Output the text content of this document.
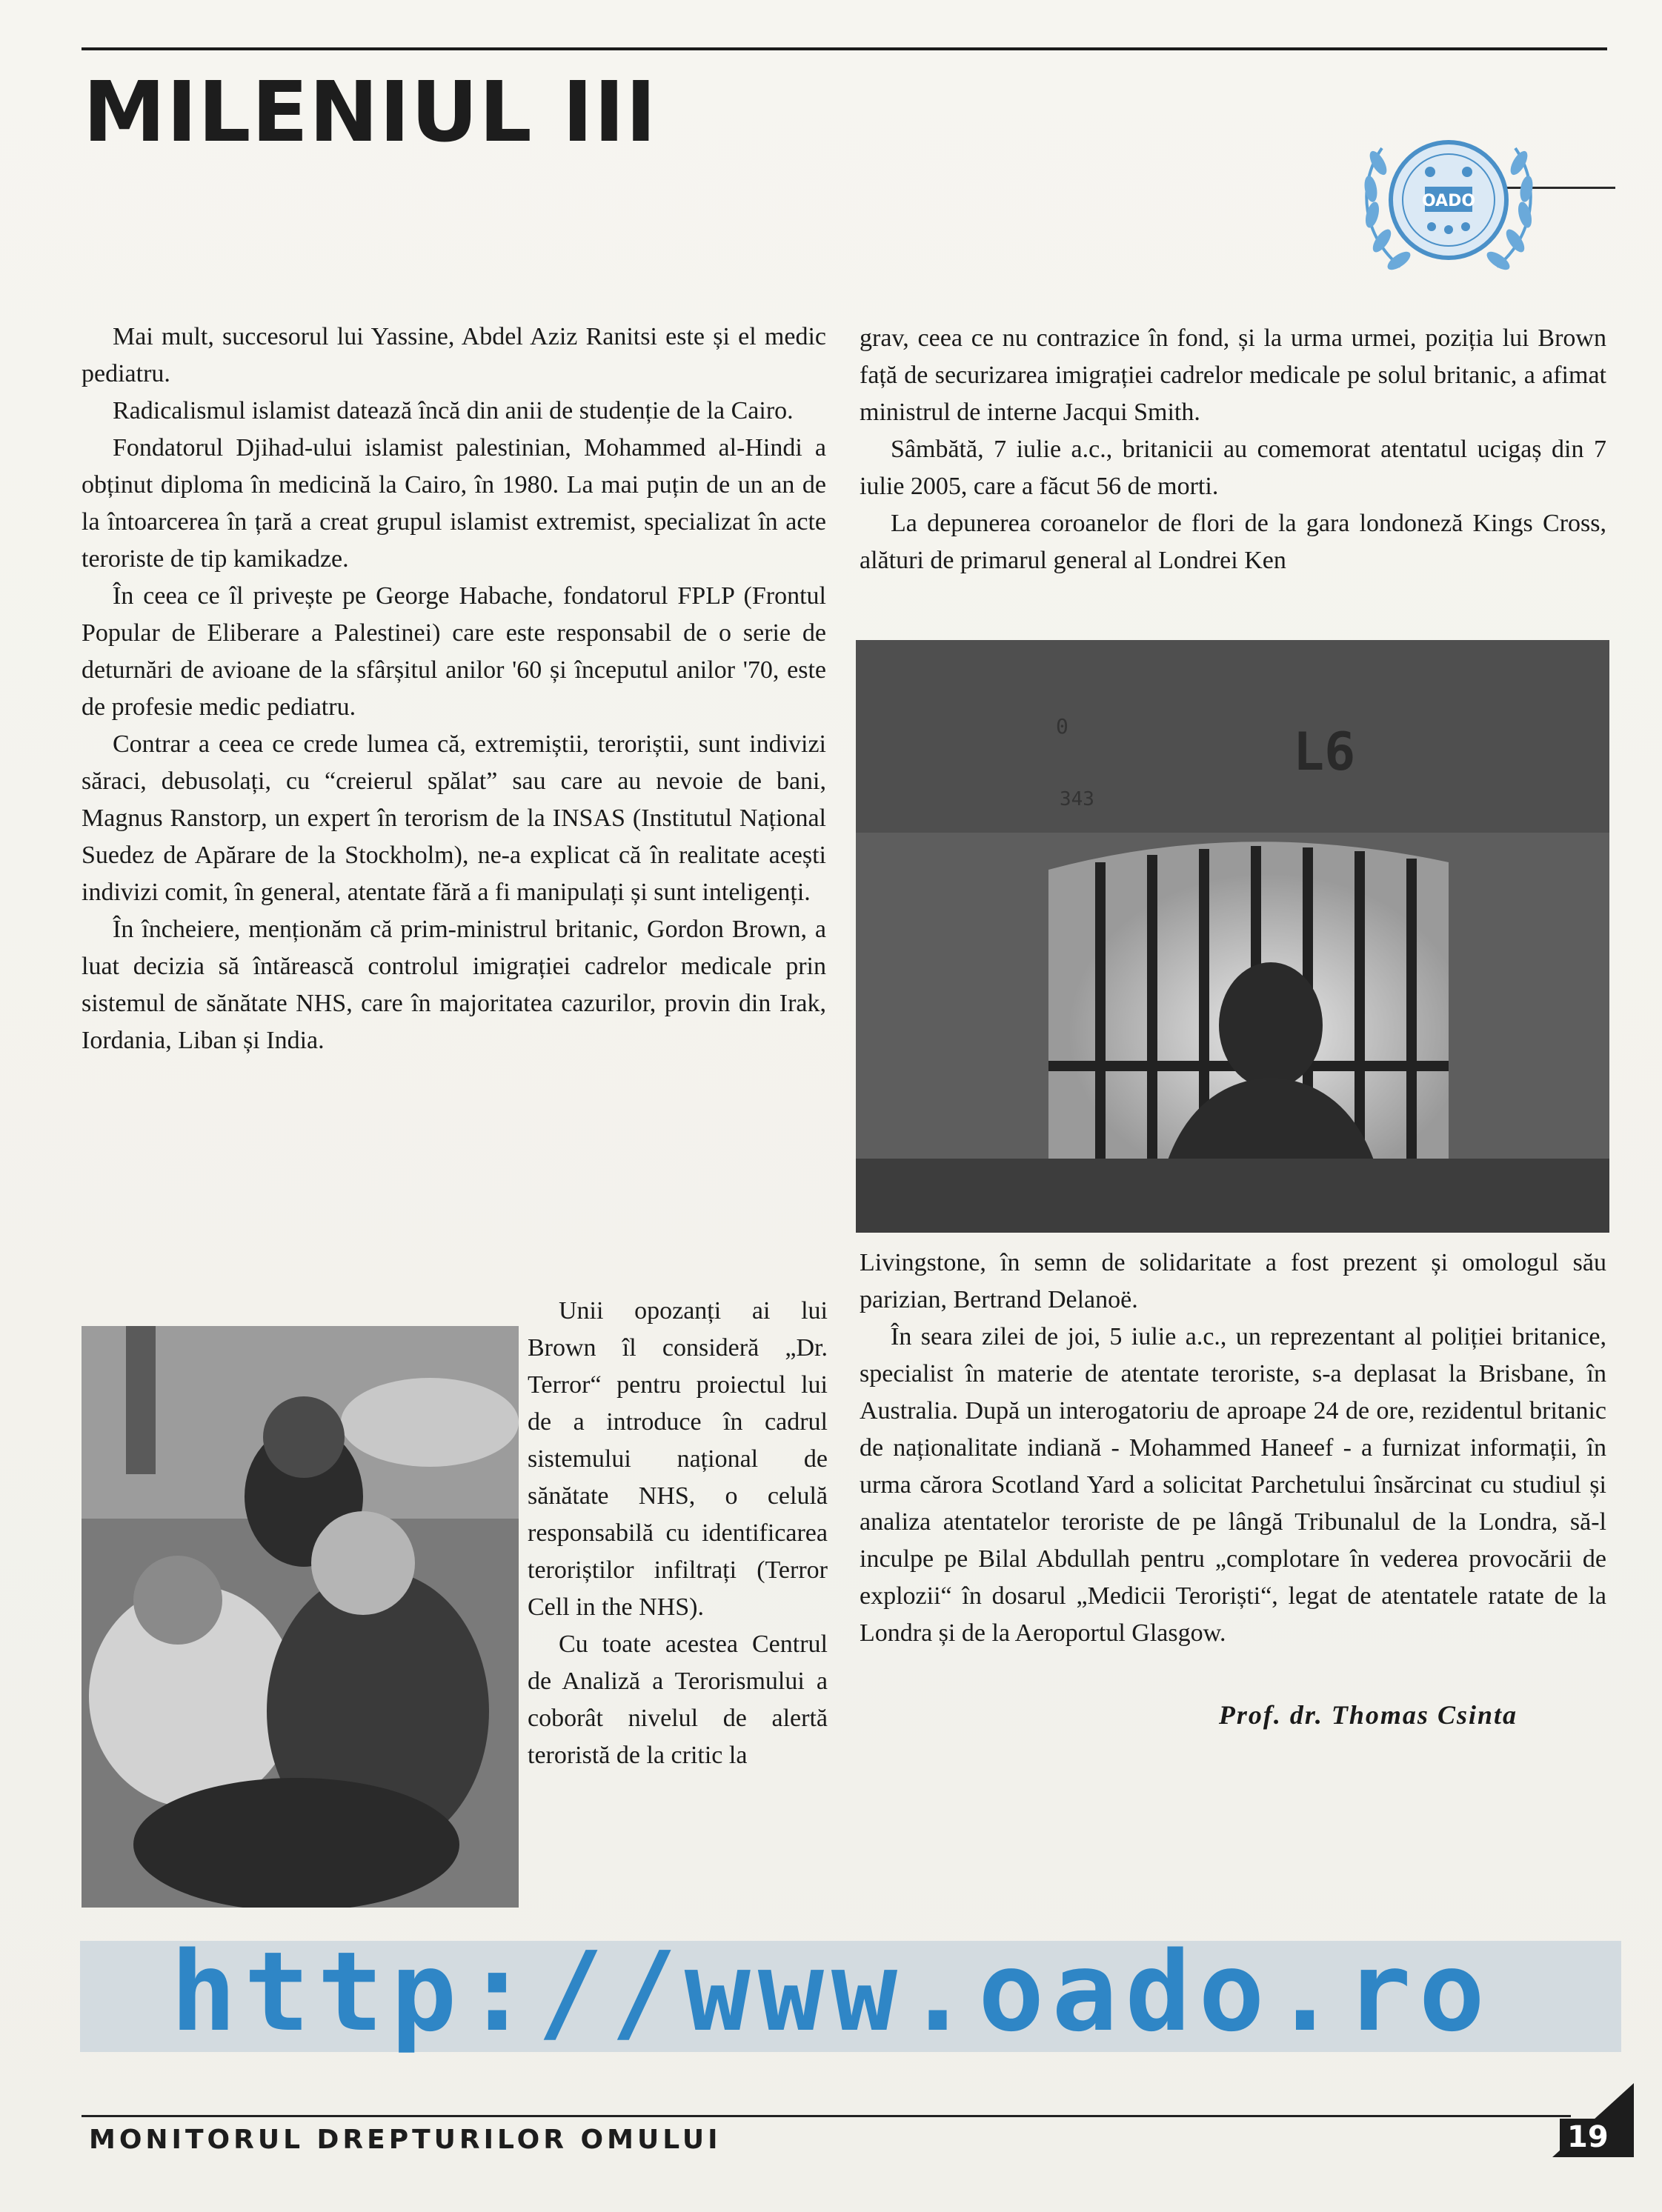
MILENIUL III
OADO

Mai mult, succesorul lui Yassine, Abdel Aziz Ranitsi este și el medic pediatru.

Radicalismul islamist datează încă din anii de studenție de la Cairo.

Fondatorul Djihad-ului islamist palestinian, Mohammed al-Hindi a obținut diploma în medicină la Cairo, în 1980. La mai puțin de un an de la întoarcerea în țară a creat grupul islamist extremist, specializat în acte teroriste de tip kamikadze.

În ceea ce îl privește pe George Habache, fondatorul FPLP (Frontul Popular de Eliberare a Palestinei) care este responsabil de o serie de deturnări de avioane de la sfârșitul anilor '60 și începutul anilor '70, este de profesie medic pediatru.

Contrar a ceea ce crede lumea că, extremiștii, teroriștii, sunt indivizi săraci, debusolați, cu “creierul spălat” sau care au nevoie de bani, Magnus Ranstorp, un expert în terorism de la INSAS (Institutul Național Suedez de Apărare de la Stockholm), ne-a explicat că în realitate acești indivizi comit, în general, atentate fără a fi manipulați și sunt inteligenți.

În încheiere, menționăm că prim-ministrul britanic, Gordon Brown, a luat decizia să întărească controlul imigrației cadrelor medicale prin sistemul de sănătate NHS, care în majoritatea cazurilor, provin din Irak, Iordania, Liban și India.

grav, ceea ce nu contrazice în fond, și la urma urmei, poziția lui Brown față de securizarea imigrației cadrelor medicale pe solul britanic, a afimat ministrul de interne Jacqui Smith.

Sâmbătă, 7 iulie a.c., britanicii au comemorat atentatul ucigaș din 7 iulie 2005, care a făcut 56 de morti.

La depunerea coroanelor de flori de la gara londoneză Kings Cross, alături de primarul general al Londrei Ken

L6
0
343

Livingstone, în semn de solidaritate a fost prezent și omologul său parizian, Bertrand Delanoë.

În seara zilei de joi, 5 iulie a.c., un reprezentant al poliției britanice, specialist în materie de atentate teroriste, s-a deplasat la Brisbane, în Australia. După un interogatoriu de aproape 24 de ore, rezidentul britanic de naționalitate indiană - Mohammed Haneef - a furnizat informații, în urma cărora Scotland Yard a solicitat Parchetului însărcinat cu studiul și analiza atentatelor teroriste de pe lângă Tribunalul de la Londra, să-l inculpe pe Bilal Abdullah pentru „complotare în vederea provocării de explozii“ în dosarul „Medicii Teroriști“, legat de atentatele ratate de la Londra și de la Aeroportul Glasgow.

Prof. dr. Thomas Csinta

Unii opozanți ai lui Brown îl consideră „Dr. Terror“ pentru proiectul lui de a introduce în cadrul sistemului național de sănătate NHS, o celulă responsabilă cu identificarea teroriștilor infiltrați (Terror Cell in the NHS).

Cu toate acestea Centrul de Analiză a Terorismului a coborât nivelul de alertă teroristă de la critic la

http://www.oado.ro
MONITORUL DREPTURILOR OMULUI	19
